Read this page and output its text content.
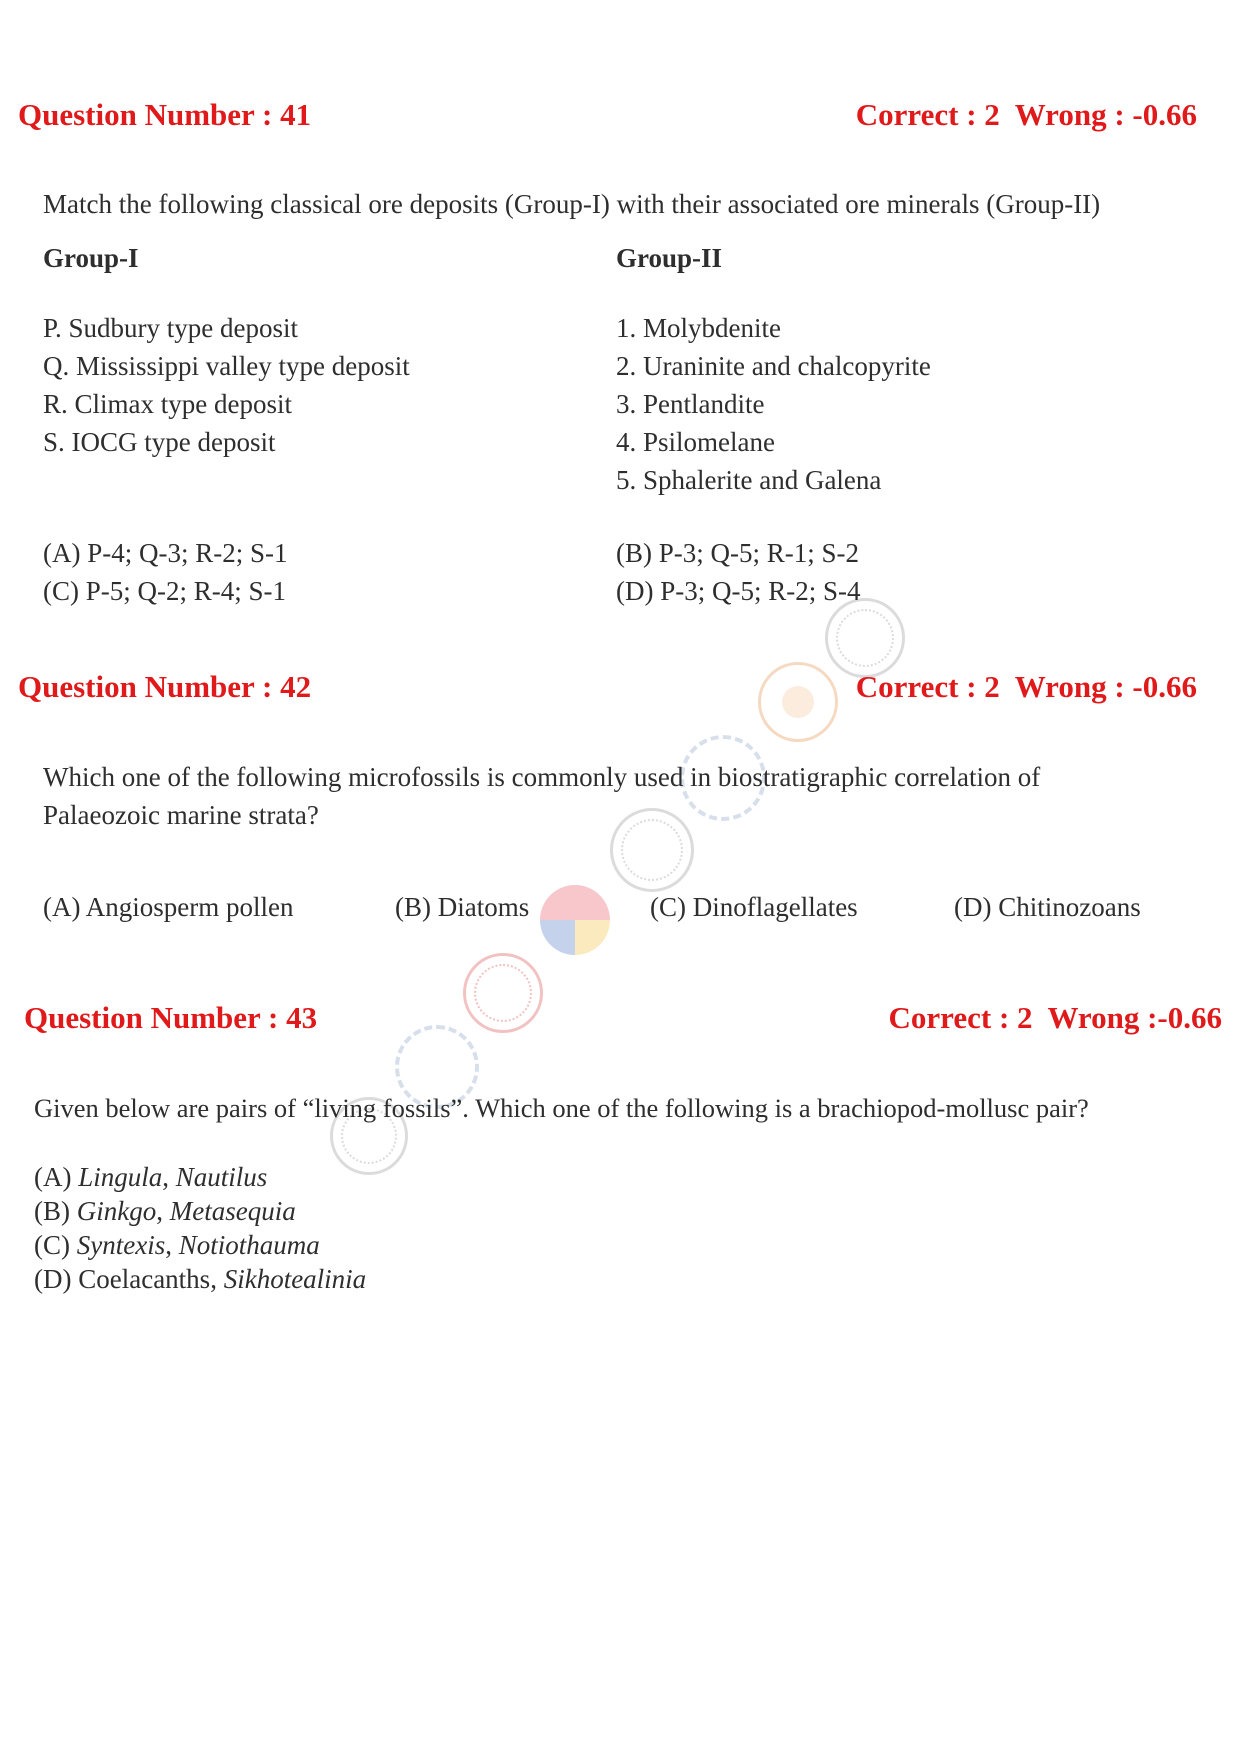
Question Number : 41	Correct : 2  Wrong : -0.66
Match the following classical ore deposits (Group-I) with their associated ore minerals (Group-II)
Group-I	Group-II
P. Sudbury type deposit
Q. Mississippi valley type deposit
R. Climax type deposit
S. IOCG type deposit
1. Molybdenite
2. Uraninite and chalcopyrite
3. Pentlandite
4. Psilomelane
5. Sphalerite and Galena
(A) P-4; Q-3; R-2; S-1	(B) P-3; Q-5; R-1; S-2
(C) P-5; Q-2; R-4; S-1	(D) P-3; Q-5; R-2; S-4
Question Number : 42	Correct : 2  Wrong : -0.66
Which one of the following microfossils is commonly used in biostratigraphic correlation of
Palaeozoic marine strata?
(A) Angiosperm pollen	(B) Diatoms	(C) Dinoflagellates	(D) Chitinozoans
Question Number : 43	Correct : 2  Wrong :-0.66
Given below are pairs of “living fossils”. Which one of the following is a brachiopod-mollusc pair?
(A) Lingula, Nautilus
(B) Ginkgo, Metasequia
(C) Syntexis, Notiothauma
(D) Coelacanths, Sikhotealinia
